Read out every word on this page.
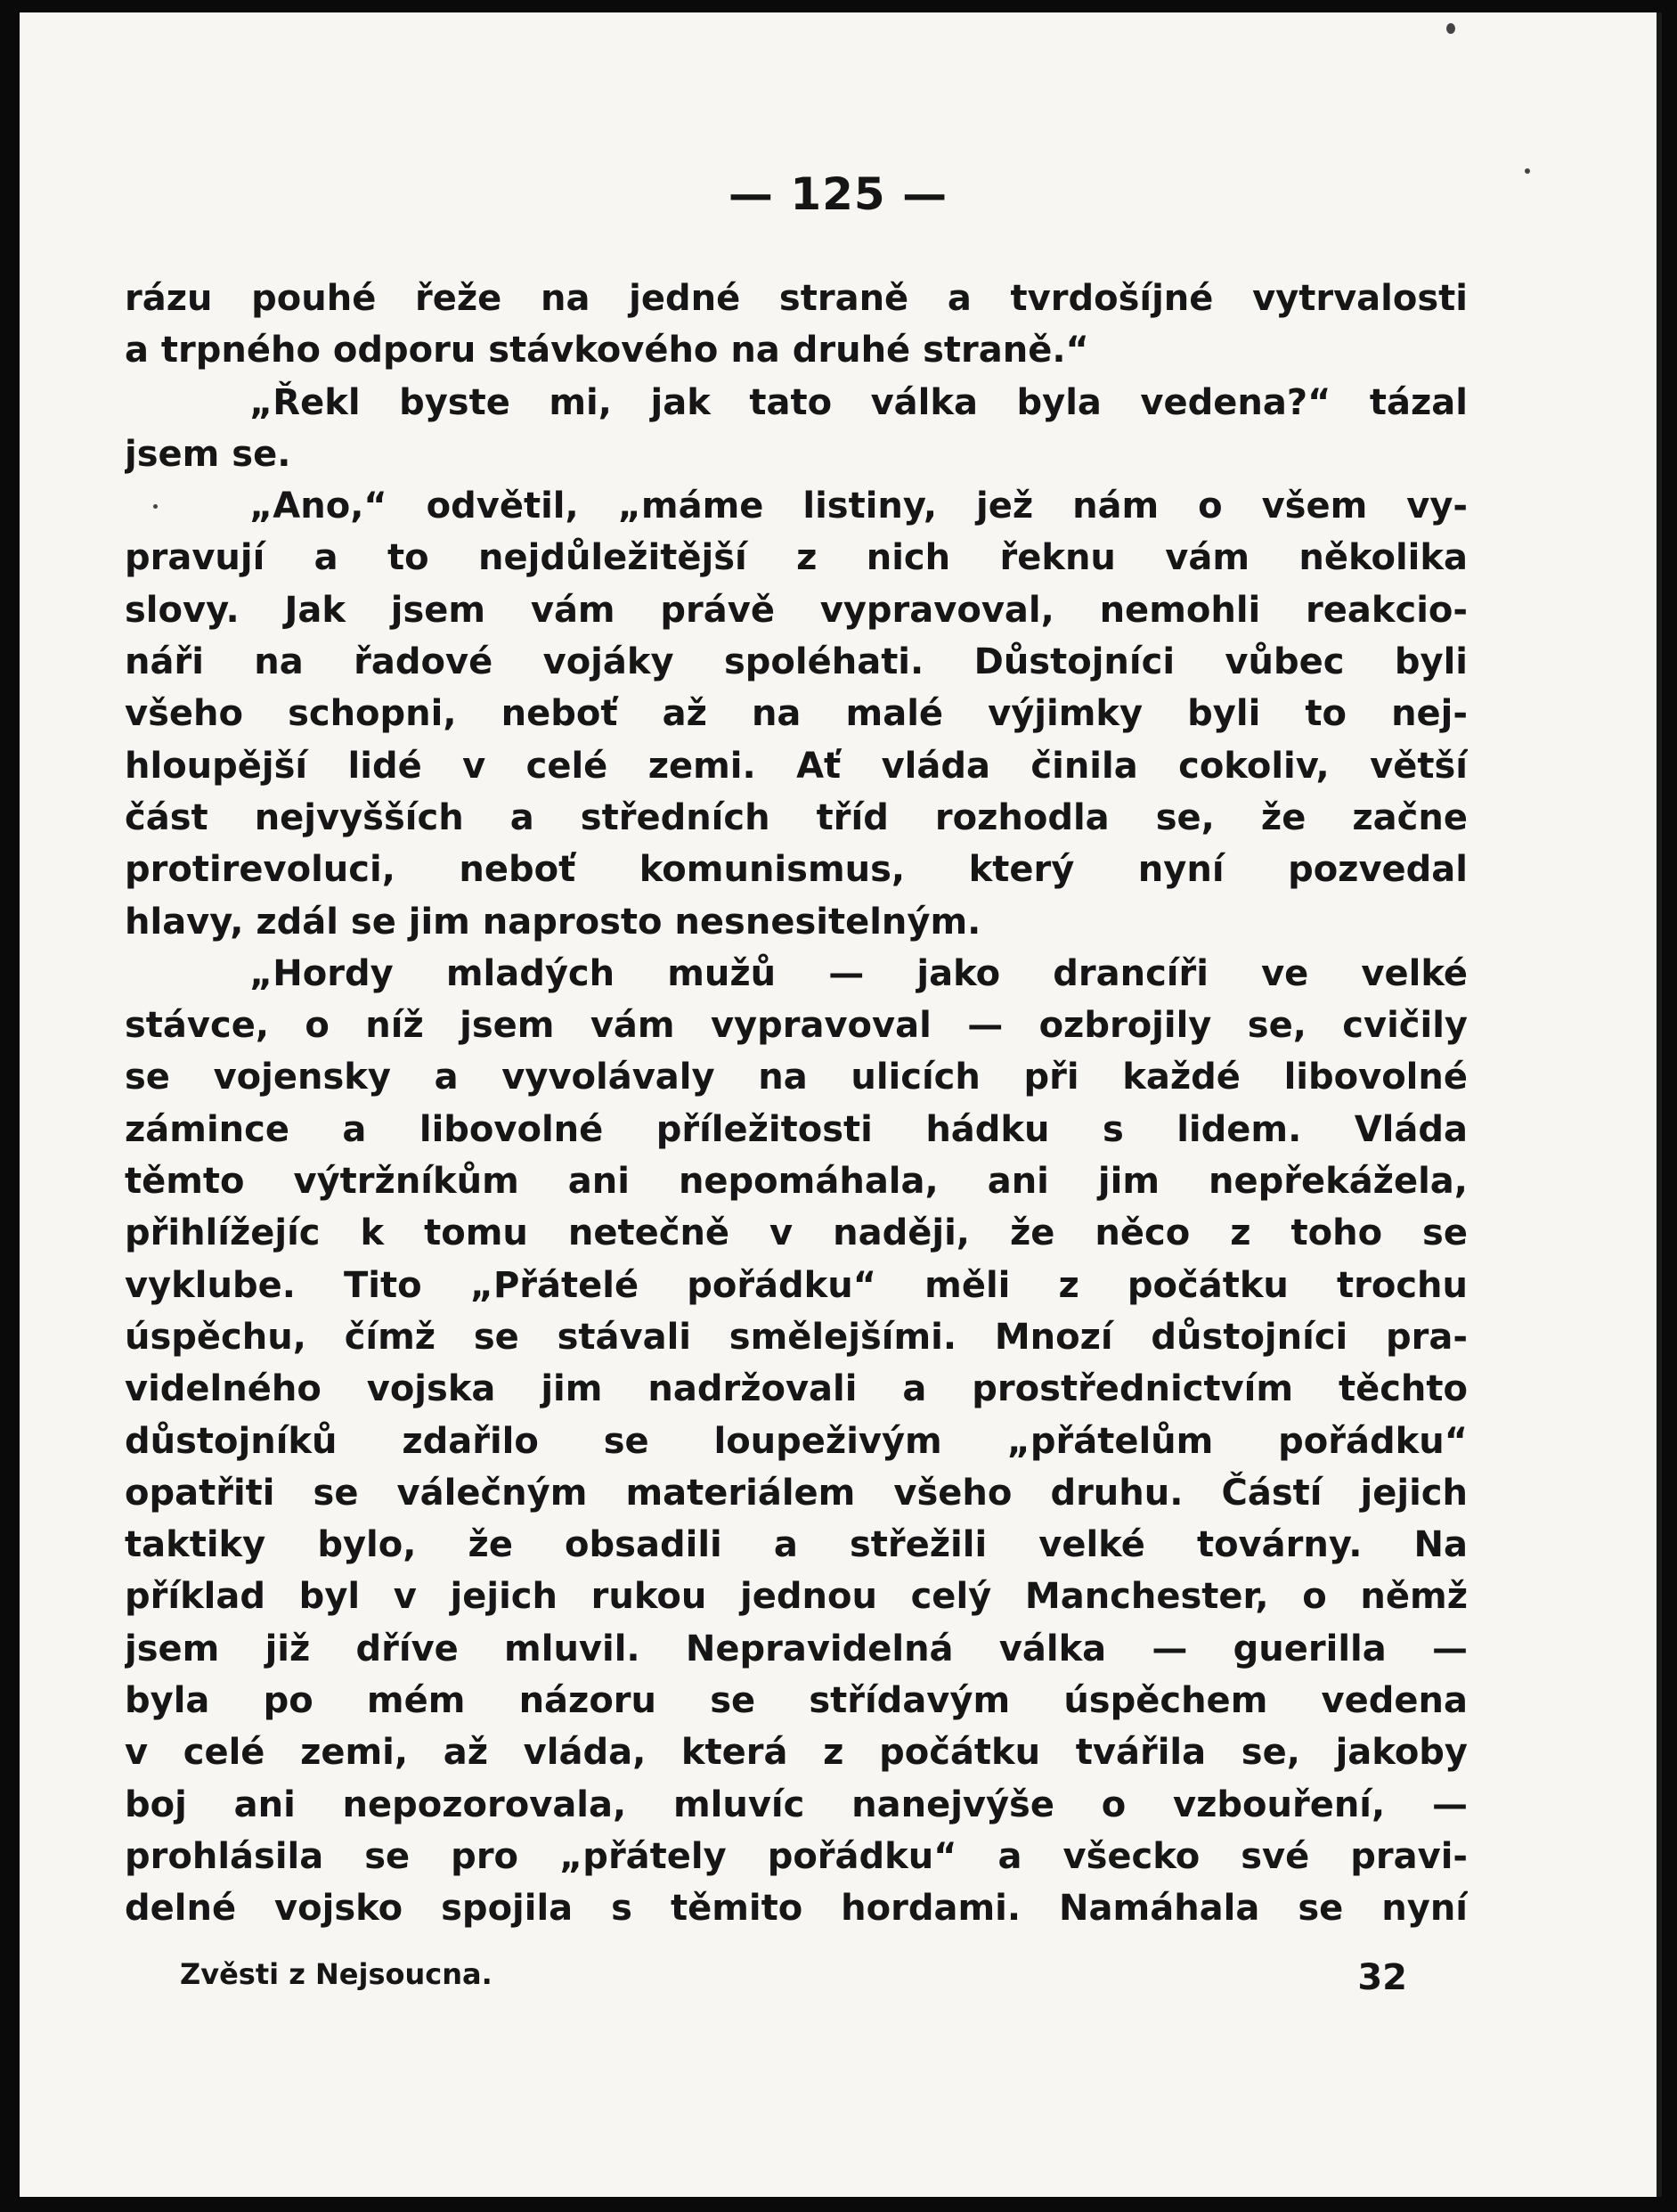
— 125 —
rázu pouhé řeže na jedné straně a tvrdošíjné vytrvalosti
a trpného odporu stávkového na druhé straně.“
„Řekl byste mi, jak tato válka byla vedena?“ tázal
jsem se.
„Ano,“ odvětil, „máme listiny, jež nám o všem vy-
pravují a to nejdůležitější z nich řeknu vám několika
slovy. Jak jsem vám právě vypravoval, nemohli reakcio-
náři na řadové vojáky spoléhati. Důstojníci vůbec byli
všeho schopni, neboť až na malé výjimky byli to nej-
hloupější lidé v celé zemi. Ať vláda činila cokoliv, větší
část nejvyšších a středních tříd rozhodla se, že začne
protirevoluci, neboť komunismus, který nyní pozvedal
hlavy, zdál se jim naprosto nesnesitelným.
„Hordy mladých mužů — jako drancíři ve velké
stávce, o níž jsem vám vypravoval — ozbrojily se, cvičily
se vojensky a vyvolávaly na ulicích při každé libovolné
zámince a libovolné příležitosti hádku s lidem. Vláda
těmto výtržníkům ani nepomáhala, ani jim nepřekážela,
přihlížejíc k tomu netečně v naději, že něco z toho se
vyklube. Tito „Přátelé pořádku“ měli z počátku trochu
úspěchu, čímž se stávali smělejšími. Mnozí důstojníci pra-
videlného vojska jim nadržovali a prostřednictvím těchto
důstojníků zdařilo se loupeživým „přátelům pořádku“
opatřiti se válečným materiálem všeho druhu. Částí jejich
taktiky bylo, že obsadili a střežili velké továrny. Na
příklad byl v jejich rukou jednou celý Manchester, o němž
jsem již dříve mluvil. Nepravidelná válka — guerilla —
byla po mém názoru se střídavým úspěchem vedena
v celé zemi, až vláda, která z počátku tvářila se, jakoby
boj ani nepozorovala, mluvíc nanejvýše o vzbouření, —
prohlásila se pro „přátely pořádku“ a všecko své pravi-
delné vojsko spojila s těmito hordami. Namáhala se nyní
Zvěsti z Nejsoucna.	32
